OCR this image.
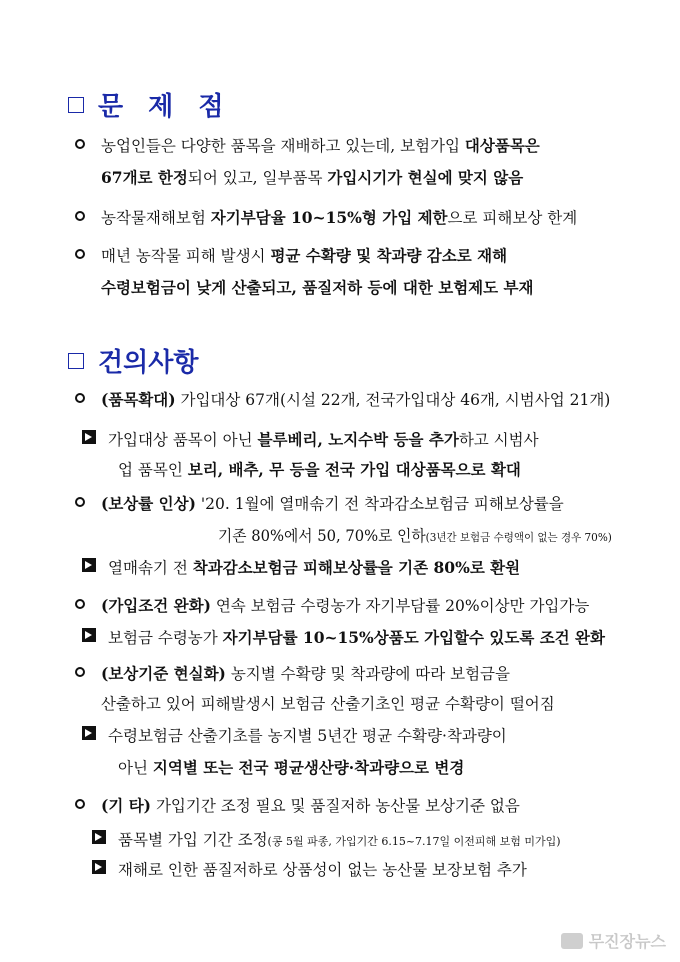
문 제 점
농업인들은 다양한 품목을 재배하고 있는데, 보험가입 대상품목은
67개로 한정되어 있고, 일부품목 가입시기가 현실에 맞지 않음
농작물재해보험 자기부담율 10~15%형 가입 제한으로 피해보상 한계
매년 농작물 피해 발생시 평균 수확량 및 착과량 감소로 재해
수령보험금이 낮게 산출되고, 품질저하 등에 대한 보험제도 부재
건의사항
(품목확대) 가입대상 67개(시설 22개, 전국가입대상 46개, 시범사업 21개)
가입대상 품목이 아닌 블루베리, 노지수박 등을 추가하고 시범사
업 품목인 보리, 배추, 무 등을 전국 가입 대상품목으로 확대
(보상률 인상) '20. 1월에 열매솎기 전 착과감소보험금 피해보상률을
기존 80%에서 50, 70%로 인하(3년간 보험금 수령액이 없는 경우 70%)
열매솎기 전 착과감소보험금 피해보상률을 기존 80%로 환원
(가입조건 완화) 연속 보험금 수령농가 자기부담률 20%이상만 가입가능
보험금 수령농가 자기부담률 10~15%상품도 가입할수 있도록 조건 완화
(보상기준 현실화) 농지별 수확량 및 착과량에 따라 보험금을
산출하고 있어 피해발생시 보험금 산출기초인 평균 수확량이 떨어짐
수령보험금 산출기초를 농지별 5년간 평균 수확량·착과량이
아닌 지역별 또는 전국 평균생산량·착과량으로 변경
(기 타) 가입기간 조정 필요 및 품질저하 농산물 보상기준 없음
품목별 가입 기간 조정(콩 5월 파종, 가입기간 6.15~7.17일 이전피해 보험 미가입)
재해로 인한 품질저하로 상품성이 없는 농산물 보장보험 추가
무진장뉴스
